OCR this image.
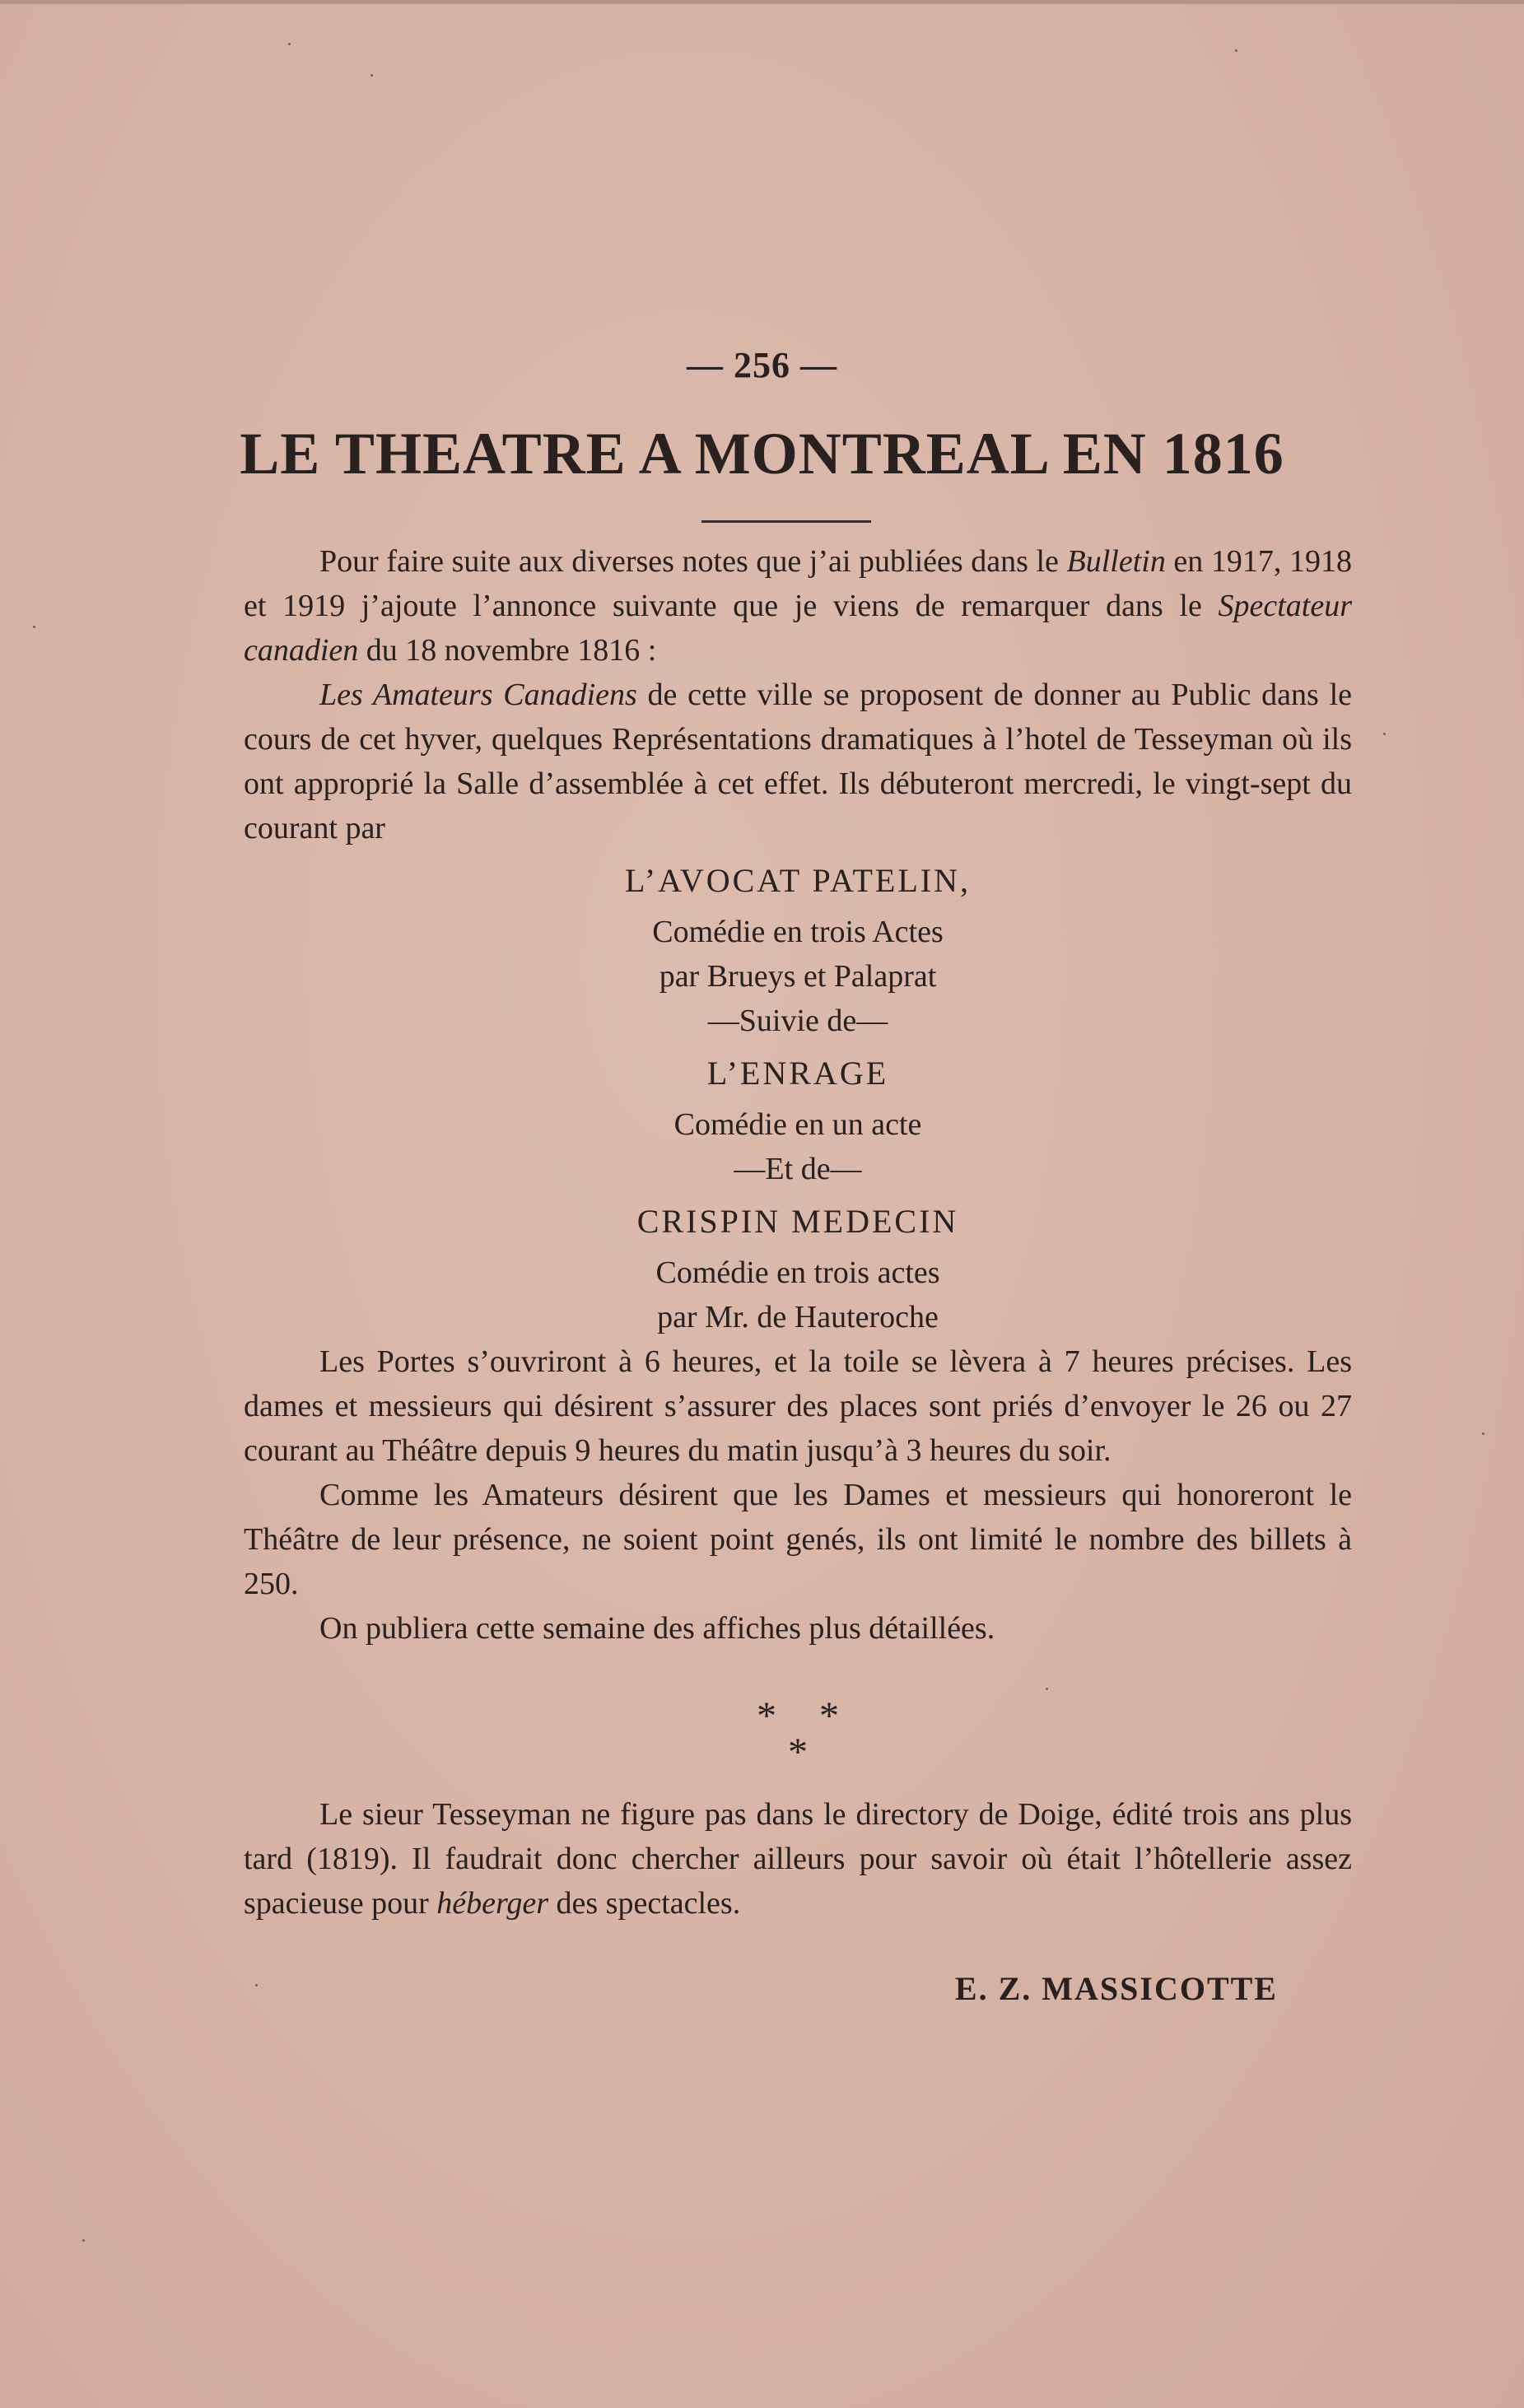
— 256 —
LE THEATRE A MONTREAL EN 1816

Pour faire suite aux diverses notes que j’ai publiées dans le Bulletin en 1917, 1918 et 1919 j’ajoute l’annonce suivante que je viens de remarquer dans le Spectateur canadien du 18 novembre 1816 :

Les Amateurs Canadiens de cette ville se proposent de donner au Public dans le cours de cet hyver, quelques Représentations dramatiques à l’hotel de Tesseyman où ils ont approprié la Salle d’assemblée à cet effet. Ils débuteront mercredi, le vingt-sept du courant par

L’AVOCAT PATELIN,

Comédie en trois Actes

par Brueys et Palaprat

—Suivie de—

L’ENRAGE

Comédie en un acte

—Et de—

CRISPIN MEDECIN

Comédie en trois actes

par Mr. de Hauteroche

Les Portes s’ouvriront à 6 heures, et la toile se lèvera à 7 heures précises. Les dames et messieurs qui désirent s’assurer des places sont priés d’envoyer le 26 ou 27 courant au Théâtre depuis 9 heures du matin jusqu’à 3 heures du soir.

Comme les Amateurs désirent que les Dames et messieurs qui honoreront le Théâtre de leur présence, ne soient point genés, ils ont limité le nombre des billets à 250.

On publiera cette semaine des affiches plus détaillées.

* *
*

Le sieur Tesseyman ne figure pas dans le directory de Doige, édité trois ans plus tard (1819). Il faudrait donc chercher ailleurs pour savoir où était l’hôtellerie assez spacieuse pour héberger des spectacles.

E. Z. MASSICOTTE
